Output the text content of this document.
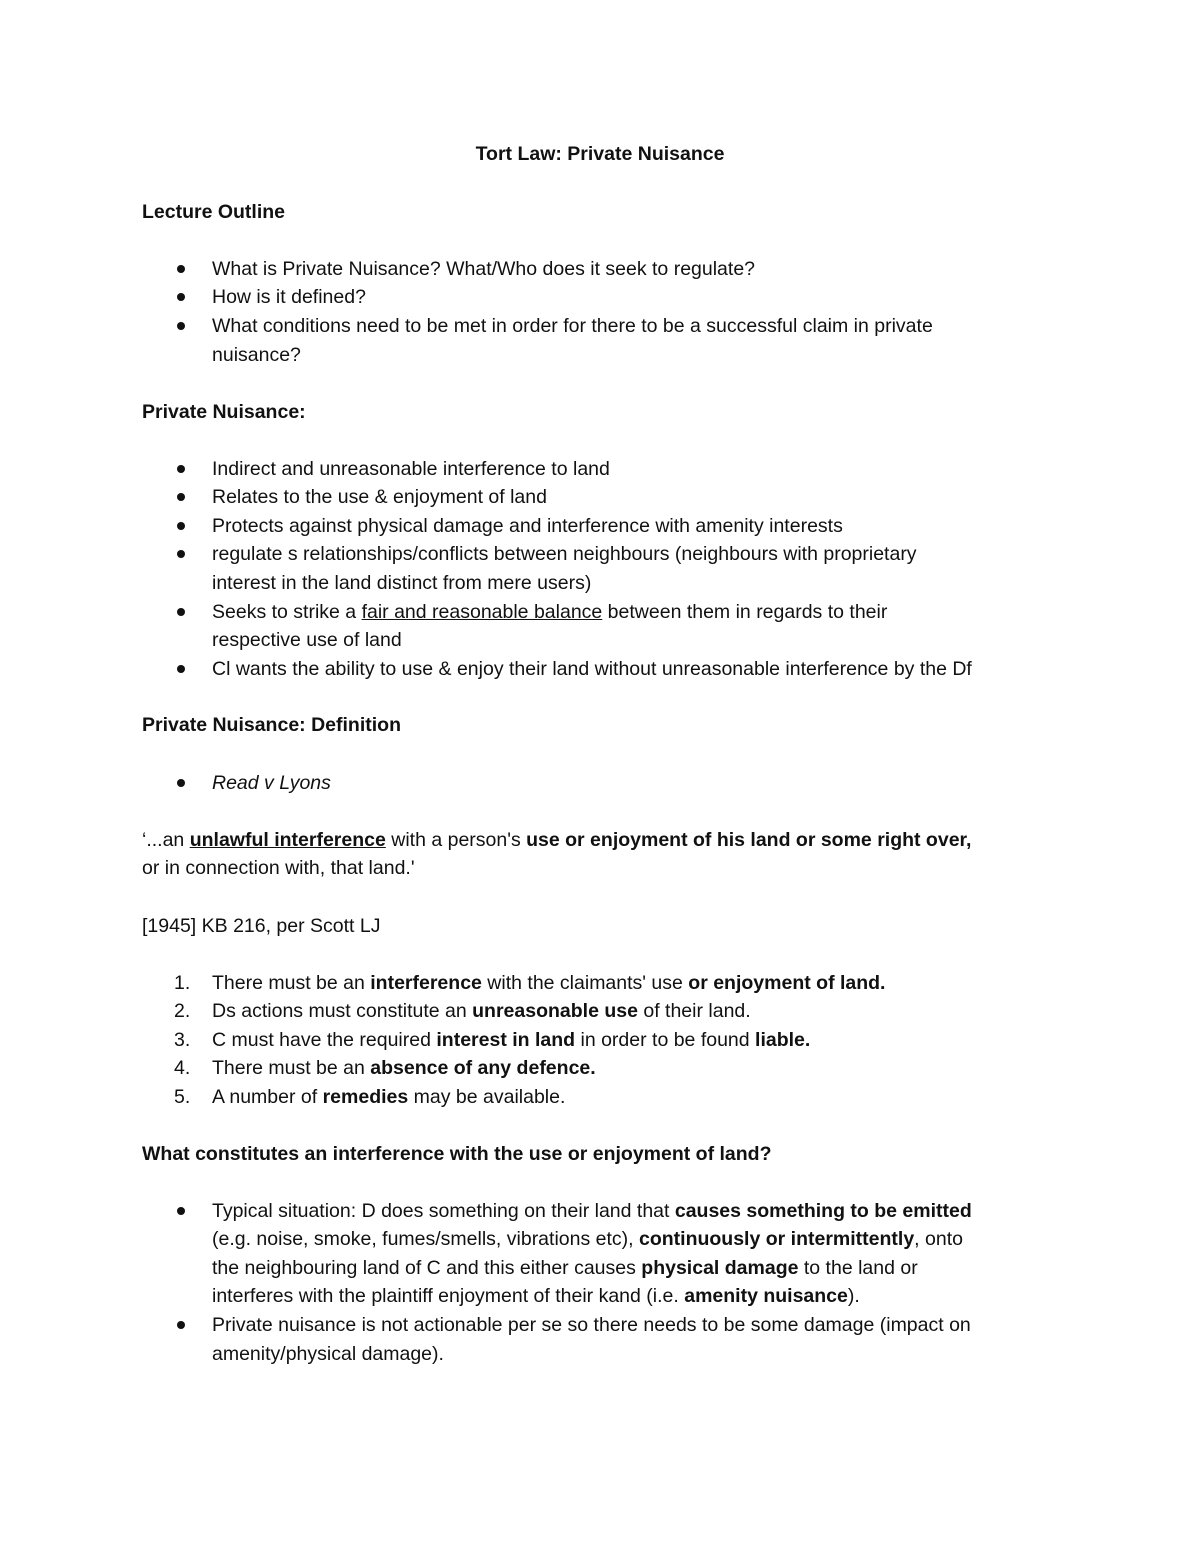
Tort Law: Private Nuisance
Lecture Outline
What is Private Nuisance? What/Who does it seek to regulate?
How is it defined?
What conditions need to be met in order for there to be a successful claim in private
nuisance?
Private Nuisance:
Indirect and unreasonable interference to land
Relates to the use & enjoyment of land
Protects against physical damage and interference with amenity interests
regulate s relationships/conflicts between neighbours (neighbours with proprietary
interest in the land distinct from mere users)
Seeks to strike a fair and reasonable balance between them in regards to their
respective use of land
Cl wants the ability to use & enjoy their land without unreasonable interference by the Df
Private Nuisance: Definition
Read v Lyons
‘...an unlawful interference with a person's use or enjoyment of his land or some right over,
or in connection with, that land.'
[1945] KB 216, per Scott LJ
1. There must be an interference with the claimants' use or enjoyment of land.
2. Ds actions must constitute an unreasonable use of their land.
3. C must have the required interest in land in order to be found liable.
4. There must be an absence of any defence.
5. A number of remedies may be available.
What constitutes an interference with the use or enjoyment of land?
Typical situation: D does something on their land that causes something to be emitted
(e.g. noise, smoke, fumes/smells, vibrations etc), continuously or intermittently, onto
the neighbouring land of C and this either causes physical damage to the land or
interferes with the plaintiff enjoyment of their kand (i.e. amenity nuisance).
Private nuisance is not actionable per se so there needs to be some damage (impact on
amenity/physical damage).
